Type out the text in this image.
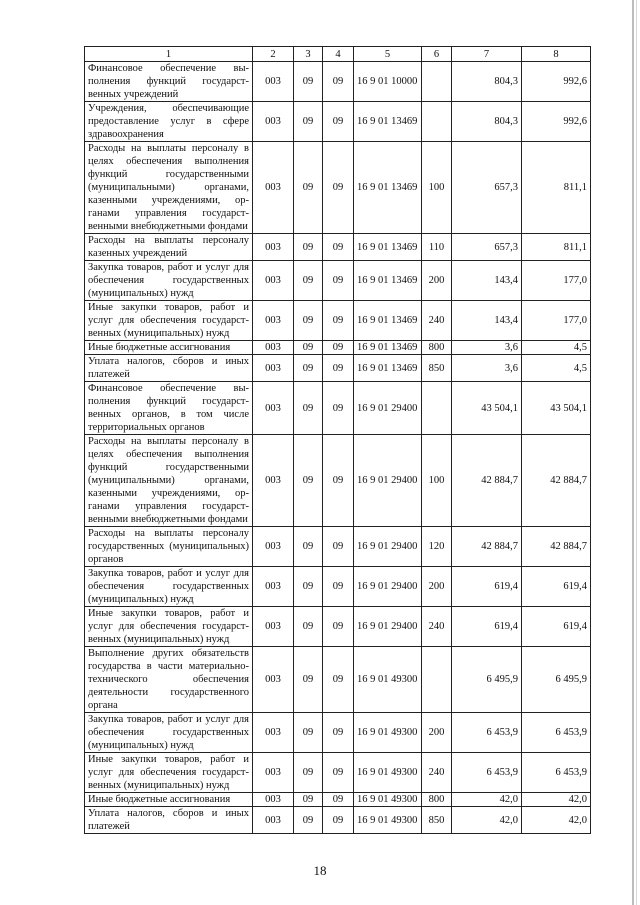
1	2	3	4	5	6	7	8
Финансовое обеспечение выполнения функций государственных учреждений	003	09	09	16 9 01 10000		804,3	992,6
Учреждения, обеспечивающие предоставление услуг в сфере здравоохранения	003	09	09	16 9 01 13469		804,3	992,6
Расходы на выплаты персоналу в целях обеспечения выполнения функций государственными (муниципальными) органами, казенными учреждениями, органами управления государственными внебюджетными фондами	003	09	09	16 9 01 13469	100	657,3	811,1
Расходы на выплаты персоналу казенных учреждений	003	09	09	16 9 01 13469	110	657,3	811,1
Закупка товаров, работ и услуг для обеспечения государственных (муниципальных) нужд	003	09	09	16 9 01 13469	200	143,4	177,0
Иные закупки товаров, работ и услуг для обеспечения государственных (муниципальных) нужд	003	09	09	16 9 01 13469	240	143,4	177,0
Иные бюджетные ассигнования	003	09	09	16 9 01 13469	800	3,6	4,5
Уплата налогов, сборов и иных платежей	003	09	09	16 9 01 13469	850	3,6	4,5
Финансовое обеспечение выполнения функций государственных органов, в том числе территориальных органов	003	09	09	16 9 01 29400		43 504,1	43 504,1
Расходы на выплаты персоналу в целях обеспечения выполнения функций государственными (муниципальными) органами, казенными учреждениями, органами управления государственными внебюджетными фондами	003	09	09	16 9 01 29400	100	42 884,7	42 884,7
Расходы на выплаты персоналу государственных (муниципальных) органов	003	09	09	16 9 01 29400	120	42 884,7	42 884,7
Закупка товаров, работ и услуг для обеспечения государственных (муниципальных) нужд	003	09	09	16 9 01 29400	200	619,4	619,4
Иные закупки товаров, работ и услуг для обеспечения государственных (муниципальных) нужд	003	09	09	16 9 01 29400	240	619,4	619,4
Выполнение других обязательств государства в части материально-технического обеспечения деятельности государственного органа	003	09	09	16 9 01 49300		6 495,9	6 495,9
Закупка товаров, работ и услуг для обеспечения государственных (муниципальных) нужд	003	09	09	16 9 01 49300	200	6 453,9	6 453,9
Иные закупки товаров, работ и услуг для обеспечения государственных (муниципальных) нужд	003	09	09	16 9 01 49300	240	6 453,9	6 453,9
Иные бюджетные ассигнования	003	09	09	16 9 01 49300	800	42,0	42,0
Уплата налогов, сборов и иных платежей	003	09	09	16 9 01 49300	850	42,0	42,0
18
